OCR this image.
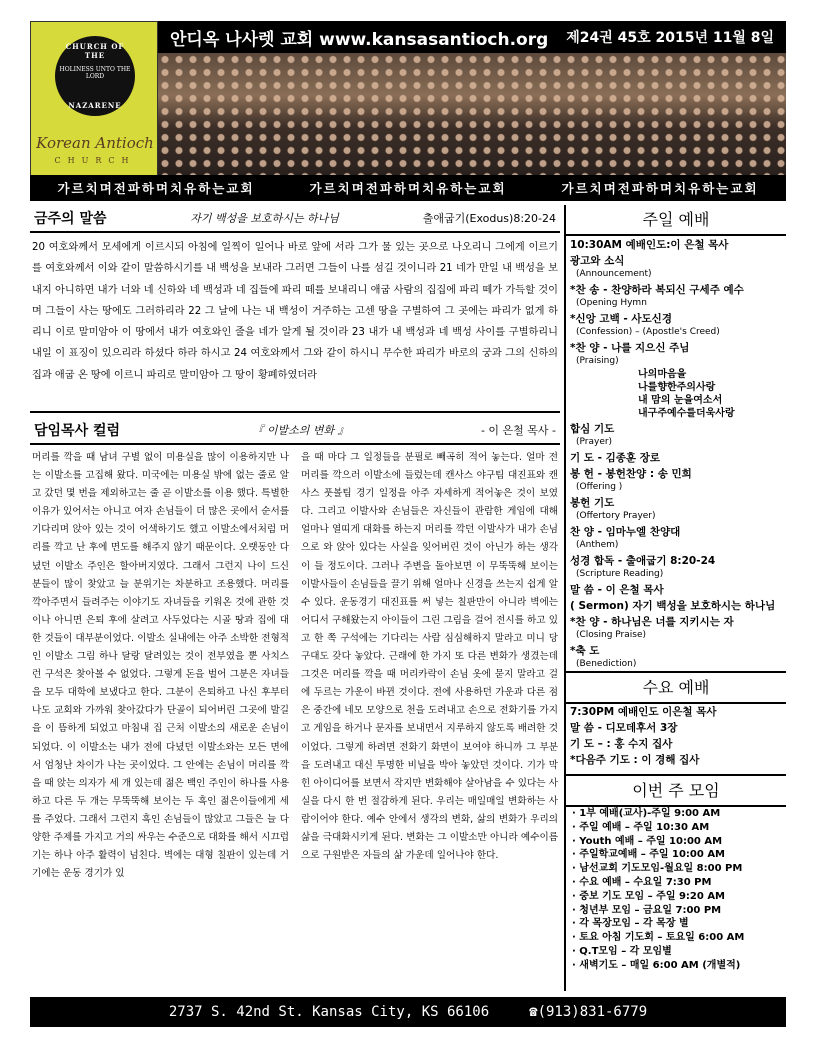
CHURCH OF THE
HOLINESS UNTO THE LORD
NAZARENE
Korean Antioch
CHURCH
안디옥 나사렛 교회 www.kansasantioch.org 제24권 45호 2015년 11월 8일
가르치며전파하며치유하는교회	가르치며전파하며치유하는교회	가르치며전파하며치유하는교회
금주의 말씀	자기 백성을 보호하시는 하나님	출애굽기(Exodus)8:20-24
20 여호와께서 모세에게 이르시되 아침에 일찍이 일어나 바로 앞에 서라 그가 물 있는 곳으로 나오리니 그에게 이르기를 여호와께서 이와 같이 말씀하시기를 내 백성을 보내라 그러면 그들이 나를 섬길 것이니라 21 네가 만일 내 백성을 보내지 아니하면 내가 너와 네 신하와 네 백성과 네 집들에 파리 떼를 보내리니 애굽 사람의 집집에 파리 떼가 가득할 것이며 그들이 사는 땅에도 그러하리라 22 그 날에 나는 내 백성이 거주하는 고센 땅을 구별하여 그 곳에는 파리가 없게 하리니 이로 말미암아 이 땅에서 내가 여호와인 줄을 네가 알게 될 것이라 23 내가 내 백성과 네 백성 사이를 구별하리니 내일 이 표징이 있으리라 하셨다 하라 하시고 24 여호와께서 그와 같이 하시니 무수한 파리가 바로의 궁과 그의 신하의 집과 애굽 온 땅에 이르니 파리로 말미암아 그 땅이 황폐하였더라
담임목사 컬럼	『 이발소의 변화 』	- 이 은철 목사 -
머리를 깍을 때 남녀 구별 없이 미용실을 많이 이용하지만 나는 이발소를 고집해 왔다. 미국에는 미용실 밖에 없는 줄로 알고 갔던 몇 번을 제외하고는 줄 곧 이발소를 이용 했다. 특별한 이유가 있어서는 아니고 여자 손님들이 더 많은 곳에서 순서를 기다리며 앉아 있는 것이 어색하기도 했고 이발소에서처럼 머리를 깍고 난 후에 면도를 해주지 않기 때문이다. 오랫동안 다녔던 이발소 주인은 할아버지였다. 그래서 그런지 나이 드신 분들이 많이 찾았고 늘 분위기는 차분하고 조용했다. 머리를 깍아주면서 들려주는 이야기도 자녀들을 키워온 것에 관한 것이나 아니면 은퇴 후에 살려고 사두었다는 시골 땅과 집에 대한 것들이 대부분이었다. 이발소 실내에는 아주 소박한 전형적인 이발소 그림 하나 달랑 달려있는 것이 전부였을 뿐 사치스런 구석은 찾아볼 수 없었다. 그렇게 돈을 벌어 그분은 자녀들을 모두 대학에 보냈다고 한다. 그분이 은퇴하고 나신 후부터 나도 교회와 가까워 찾아갔다가 단골이 되어버린 그곳에 발길을 이 뜸하게 되었고 마침내 집 근처 이발소의 새로운 손님이 되었다. 이 이발소는 내가 전에 다녔던 이발소와는 모든 면에서 엄청난 차이가 나는 곳이었다. 그 안에는 손님이 머리를 깍을 때 앉는 의자가 세 개 있는데 젊은 백인 주인이 하나를 사용하고 다른 두 개는 무뚝뚝해 보이는 두 흑인 젊은이들에게 세를 주었다. 그래서 그런지 흑인 손님들이 많았고 그들은 늘 다양한 주제를 가지고 거의 싸우는 수준으로 대화를 해서 시끄럽기는 하나 아주 활력이 넘친다. 벽에는 대형 칠판이 있는데 거기에는 운동 경기가 있
을 때 마다 그 일정들을 분필로 빼곡히 적어 놓는다. 얼마 전 머리를 깍으러 이발소에 들렀는데 캔사스 야구팀 대진표와 캔사스 풋볼팀 경기 일정을 아주 자세하게 적어놓은 것이 보였다. 그리고 이발사와 손님들은 자신들이 관람한 게임에 대해 얼마나 열띠게 대화를 하는지 머리를 깍던 이발사가 내가 손님으로 와 앉아 있다는 사실을 잊어버린 것이 아닌가 하는 생각이 들 정도이다. 그러나 주변을 돌아보면 이 무뚝뚝해 보이는 이발사들이 손님들을 끌기 위해 얼마나 신경을 쓰는지 쉽게 알 수 있다. 운동경기 대진표를 써 넣는 칠판만이 아니라 벽에는 어디서 구해왔는지 아이들이 그린 그림을 걸어 전시를 하고 있고 한 쪽 구석에는 기다리는 사람 심심해하지 말라고 미니 당구대도 갖다 놓았다. 근래에 한 가지 또 다른 변화가 생겼는데 그것은 머리를 깍을 때 머리카락이 손님 옷에 묻지 말라고 걸에 두르는 가운이 바뀐 것이다. 전에 사용하던 가운과 다른 점은 중간에 네모 모양으로 천을 도려내고 손으로 전화기를 가지고 게임을 하거나 문자를 보내면서 지루하지 않도록 배려한 것이었다. 그렇게 하려면 전화기 화면이 보여야 하니까 그 부분을 도려내고 대신 투명한 비닐을 박아 놓았던 것이다. 기가 막힌 아이디어를 보면서 작지만 변화해야 살아남을 수 있다는 사실을 다시 한 번 절감하게 된다. 우리는 매일매일 변화하는 사람이어야 한다. 예수 안에서 생각의 변화, 삶의 변화가 우리의 삶을 극대화시키게 된다. 변화는 그 이발소만 아니라 예수이름으로 구원받은 자들의 삶 가운데 일어나야 한다.
주일 예배
10:30AM 예배인도:이 은철 목사
광고와 소식
(Announcement)
*찬 송 - 찬양하라 복되신 구세주 예수
(Opening Hymn
*신앙 고백 - 사도신경
(Confession) – (Apostle's Creed)
*찬 양 - 나를 지으신 주님
(Praising)
나의마음을
나를향한주의사랑
내 맘의 눈을여소서
내구주예수를더욱사랑
합심 기도
(Prayer)
기 도 - 김종훈 장로
봉 헌 - 봉헌찬양 : 송 민희
(Offering )
봉헌 기도
(Offertory Prayer)
찬 양 - 임마누엘 찬양대
(Anthem)
성경 합독 - 출애굽기 8:20-24
(Scripture Reading)
말 씀 - 이 은철 목사
( Sermon) 자기 백성을 보호하시는 하나님
*찬 양 - 하나님은 너를 지키시는 자
(Closing Praise)
*축 도
(Benediction)
수요 예배
7:30PM 예배인도 이은철 목사
말 씀 - 디모데후서 3장
기 도 – : 홍 수지 집사
*다음주 기도 : 이 경해 집사
이번 주 모임
· 1부 예배(교사)-주일 9:00 AM
· 주일 예배 – 주일 10:30 AM
· Youth 예배 – 주일 10:00 AM
· 주일학교예배 – 주일 10:00 AM
· 남선교회 기도모임-월요일 8:00 PM
· 수요 예배 – 수요일 7:30 PM
· 중보 기도 모임 – 주일 9:20 AM
· 청년부 모임 – 금요일 7:00 PM
· 각 목장모임 – 각 목장 별
· 토요 아침 기도회 – 토요일 6:00 AM
· Q.T모임 – 각 모임별
· 새벽기도 – 매일 6:00 AM (개별적)
2737 S. 42nd St. Kansas City, KS 66106	☎(913)831-6779
